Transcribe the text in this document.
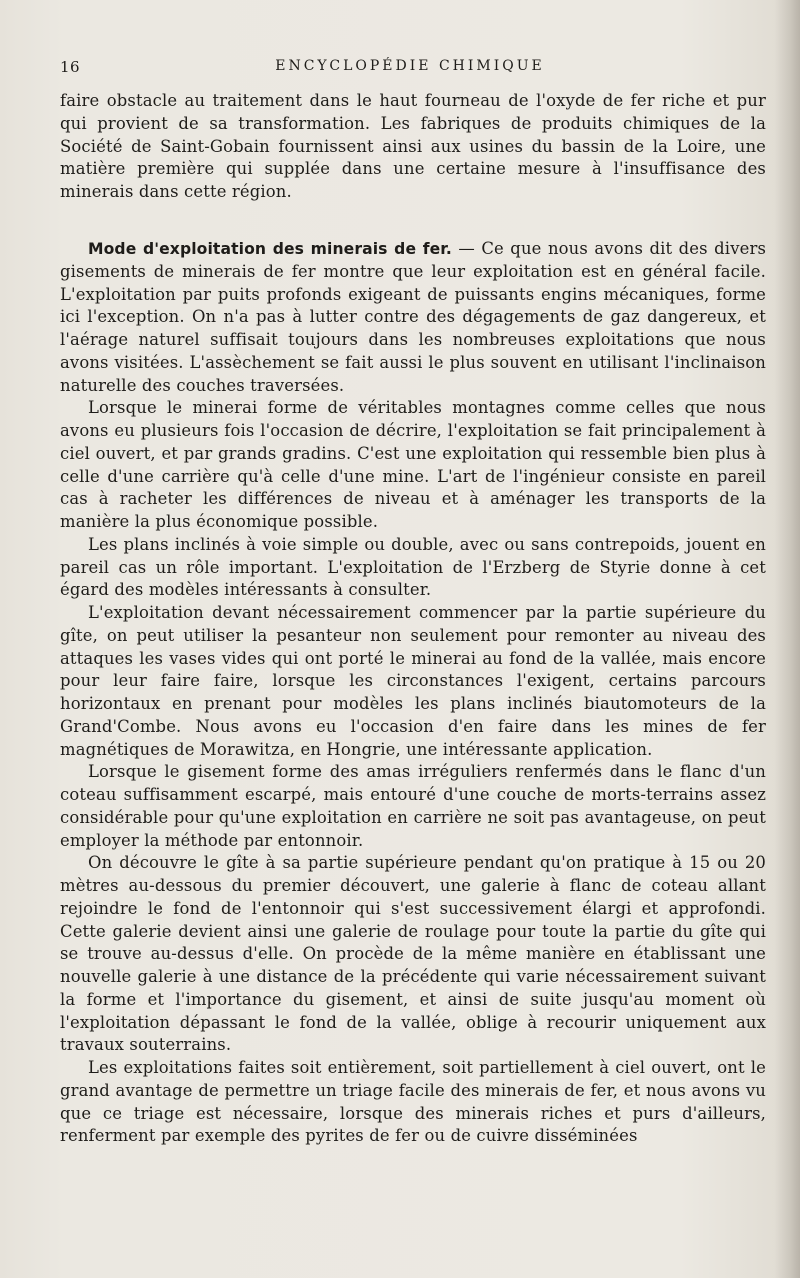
16	ENCYCLOPÉDIE CHIMIQUE

faire obstacle au traitement dans le haut fourneau de l'oxyde de fer riche et pur qui provient de sa transformation. Les fabriques de produits chimiques de la Société de Saint-Gobain fournissent ainsi aux usines du bassin de la Loire, une matière première qui supplée dans une certaine mesure à l'insuffisance des minerais dans cette région.

Mode d'exploitation des minerais de fer. — Ce que nous avons dit des divers gisements de minerais de fer montre que leur exploitation est en général facile. L'exploitation par puits profonds exigeant de puissants engins mécaniques, forme ici l'exception. On n'a pas à lutter contre des dégagements de gaz dangereux, et l'aérage naturel suffisait toujours dans les nombreuses exploitations que nous avons visitées. L'assèchement se fait aussi le plus souvent en utilisant l'inclinaison naturelle des couches traversées.

Lorsque le minerai forme de véritables montagnes comme celles que nous avons eu plusieurs fois l'occasion de décrire, l'exploitation se fait principalement à ciel ouvert, et par grands gradins. C'est une exploitation qui ressemble bien plus à celle d'une carrière qu'à celle d'une mine. L'art de l'ingénieur consiste en pareil cas à racheter les différences de niveau et à aménager les transports de la manière la plus économique possible.

Les plans inclinés à voie simple ou double, avec ou sans contrepoids, jouent en pareil cas un rôle important. L'exploitation de l'Erzberg de Styrie donne à cet égard des modèles intéressants à consulter.

L'exploitation devant nécessairement commencer par la partie supérieure du gîte, on peut utiliser la pesanteur non seulement pour remonter au niveau des attaques les vases vides qui ont porté le minerai au fond de la vallée, mais encore pour leur faire faire, lorsque les circonstances l'exigent, certains parcours horizontaux en prenant pour modèles les plans inclinés biautomoteurs de la Grand'Combe. Nous avons eu l'occasion d'en faire dans les mines de fer magnétiques de Morawitza, en Hongrie, une intéressante application.

Lorsque le gisement forme des amas irréguliers renfermés dans le flanc d'un coteau suffisamment escarpé, mais entouré d'une couche de morts-terrains assez considérable pour qu'une exploitation en carrière ne soit pas avantageuse, on peut employer la méthode par entonnoir.

On découvre le gîte à sa partie supérieure pendant qu'on pratique à 15 ou 20 mètres au-dessous du premier découvert, une galerie à flanc de coteau allant rejoindre le fond de l'entonnoir qui s'est successivement élargi et approfondi. Cette galerie devient ainsi une galerie de roulage pour toute la partie du gîte qui se trouve au-dessus d'elle. On procède de la même manière en établissant une nouvelle galerie à une distance de la précédente qui varie nécessairement suivant la forme et l'importance du gisement, et ainsi de suite jusqu'au moment où l'exploitation dépassant le fond de la vallée, oblige à recourir uniquement aux travaux souterrains.

Les exploitations faites soit entièrement, soit partiellement à ciel ouvert, ont le grand avantage de permettre un triage facile des minerais de fer, et nous avons vu que ce triage est nécessaire, lorsque des minerais riches et purs d'ailleurs, renferment par exemple des pyrites de fer ou de cuivre disséminées
